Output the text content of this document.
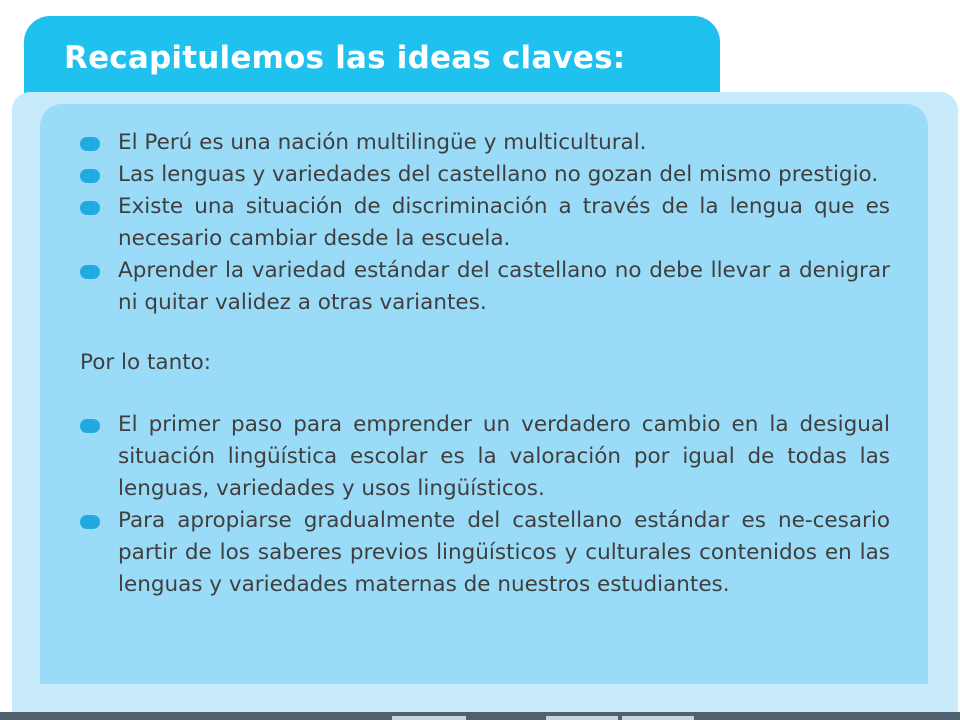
Recapitulemos las ideas claves:
El Perú es una nación multilingüe y multicultural.
Las lenguas y variedades del castellano no gozan del mismo prestigio.
Existe una situación de discriminación a través de la lengua que es necesario cambiar desde la escuela.
Aprender la variedad estándar del castellano no debe llevar a denigrar ni quitar validez a otras variantes.
Por lo tanto:
El primer paso para emprender un verdadero cambio en la desigual situación lingüística escolar es la valoración por igual de todas las lenguas, variedades y usos lingüísticos.
Para apropiarse gradualmente del castellano estándar es ne-cesario partir de los saberes previos lingüísticos y culturales contenidos en las lenguas y variedades maternas de nuestros estudiantes.
